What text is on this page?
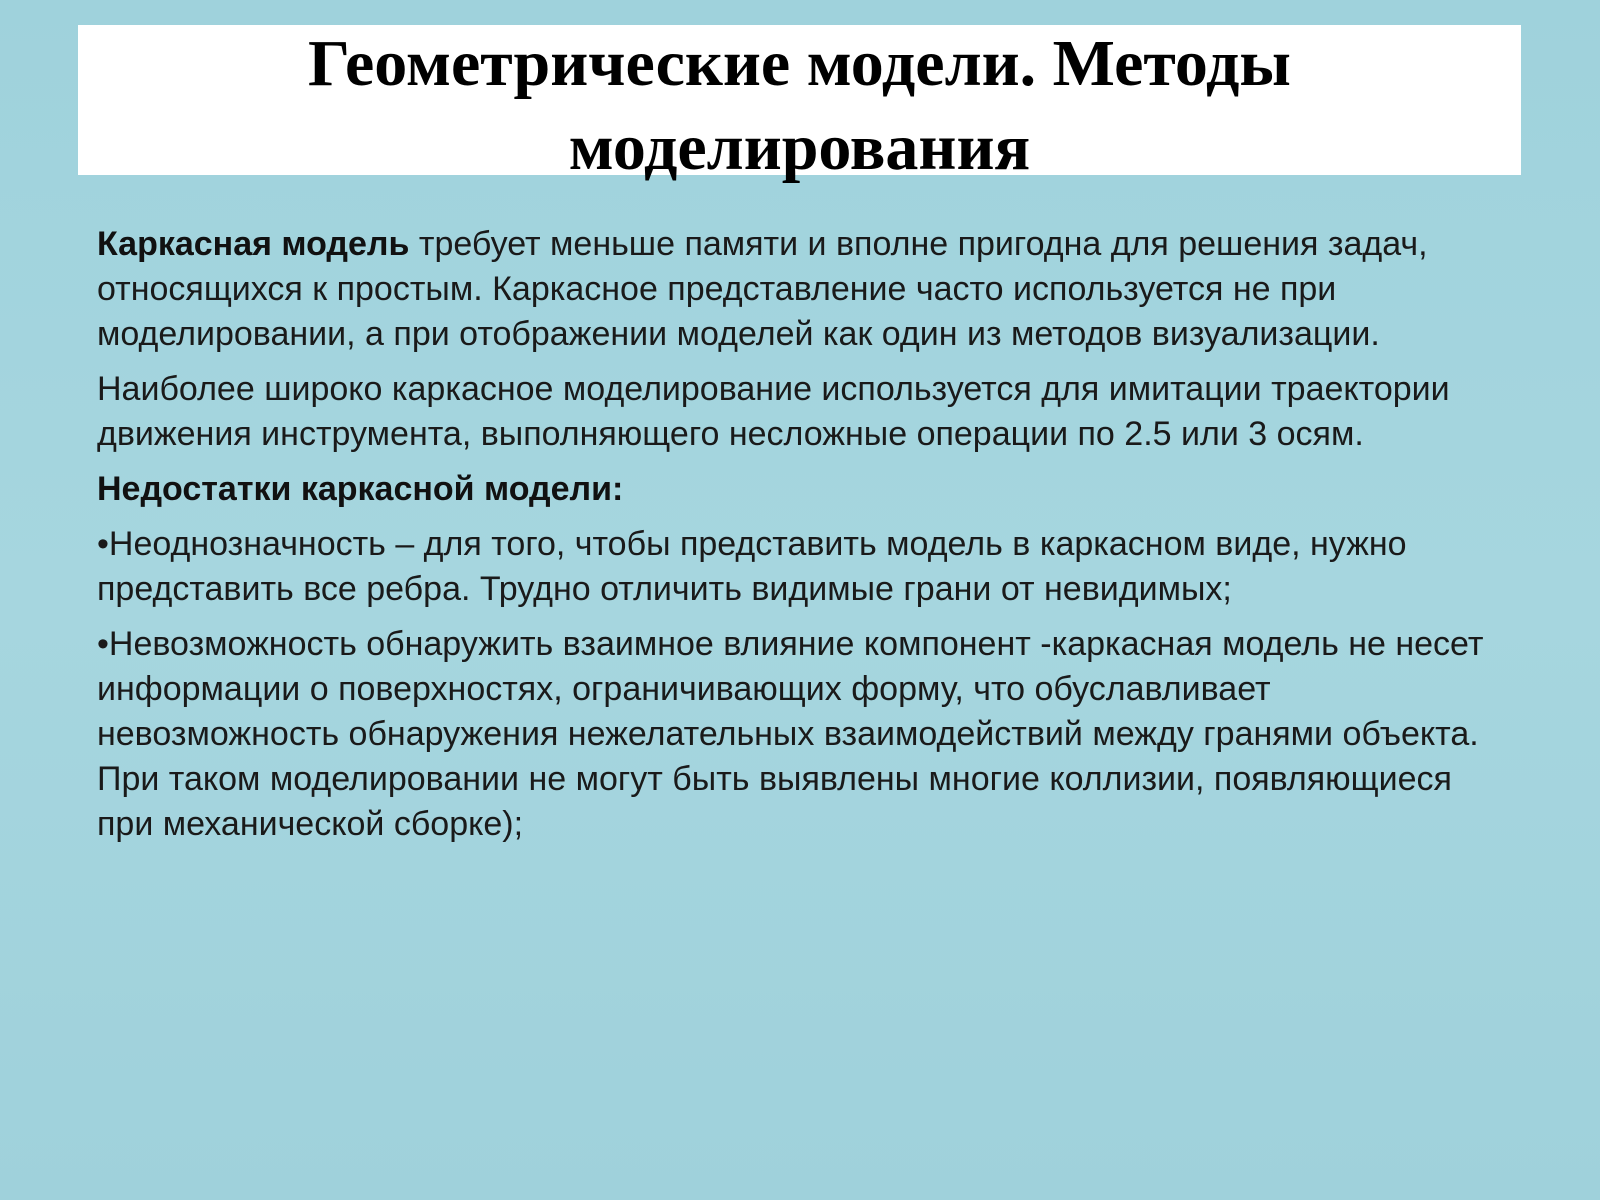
Геометрические модели. Методы моделирования

Каркасная модель требует меньше памяти и вполне пригодна для решения задач, относящихся к простым. Каркасное представление часто используется не при моделировании, а при отображении моделей как один из методов визуализации.

Наиболее широко каркасное моделирование используется для имитации траектории движения инструмента, выполняющего несложные операции по 2.5 или 3 осям.

Недостатки каркасной модели:

•Неоднозначность – для того, чтобы представить модель в каркасном виде, нужно представить все ребра. Трудно отличить видимые грани от невидимых;

•Невозможность обнаружить взаимное влияние компонент -каркасная модель не несет информации о поверхностях, ограничивающих форму, что обуславливает невозможность обнаружения нежелательных взаимодействий между гранями объекта. При таком моделировании не могут быть выявлены многие коллизии, появляющиеся при механической сборке);
